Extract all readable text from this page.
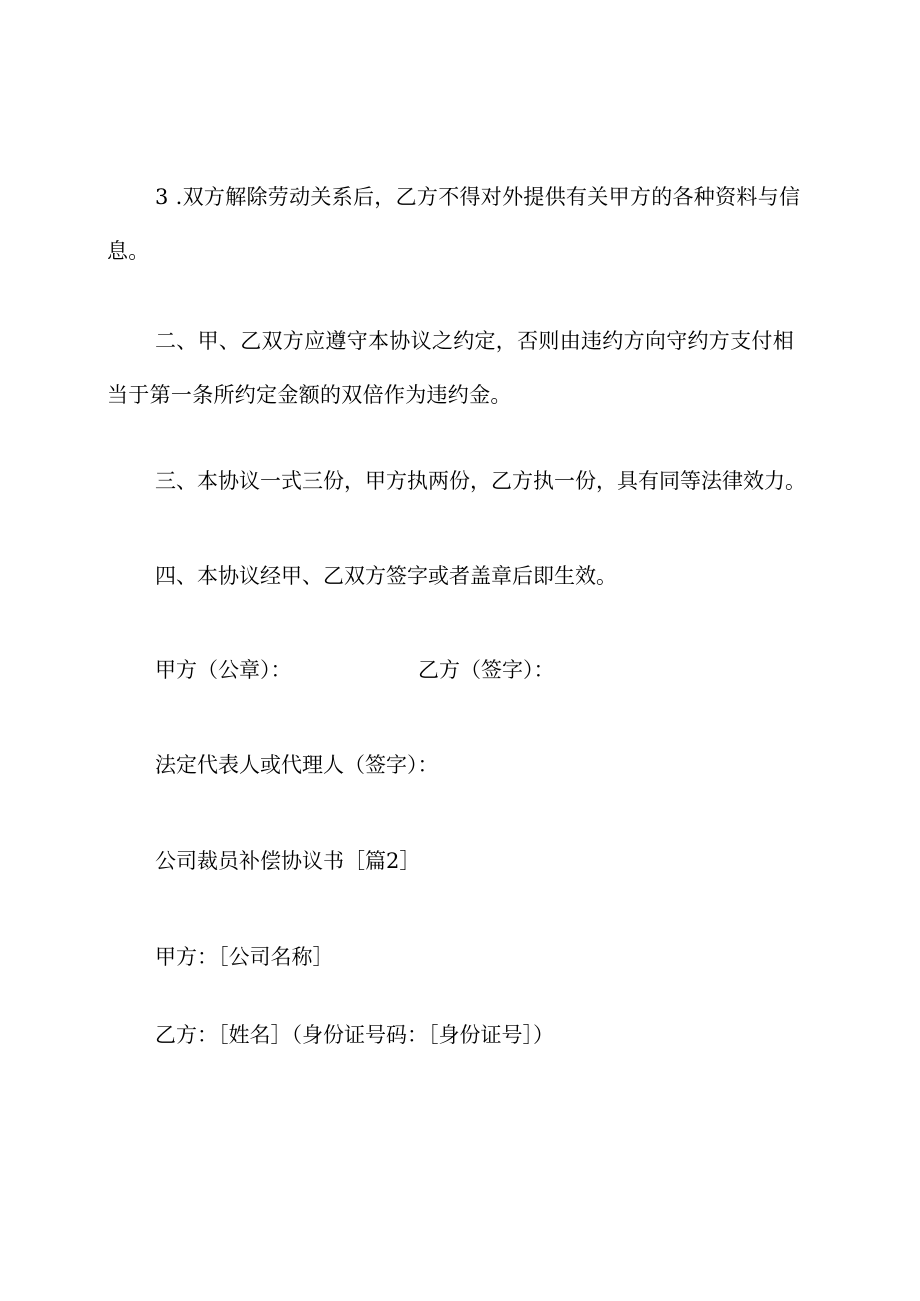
3 .双方解除劳动关系后，乙方不得对外提供有关甲方的各种资料与信息。

二、甲、乙双方应遵守本协议之约定，否则由违约方向守约方支付相当于第一条所约定金额的双倍作为违约金。

三、本协议一式三份，甲方执两份，乙方执一份，具有同等法律效力。

四、本协议经甲、乙双方签字或者盖章后即生效。

甲方（公章）：	乙方（签字）：

法定代表人或代理人（签字）：

公司裁员补偿协议书［篇2］

甲方：［公司名称］

乙方：［姓名］（身份证号码：［身份证号］）
